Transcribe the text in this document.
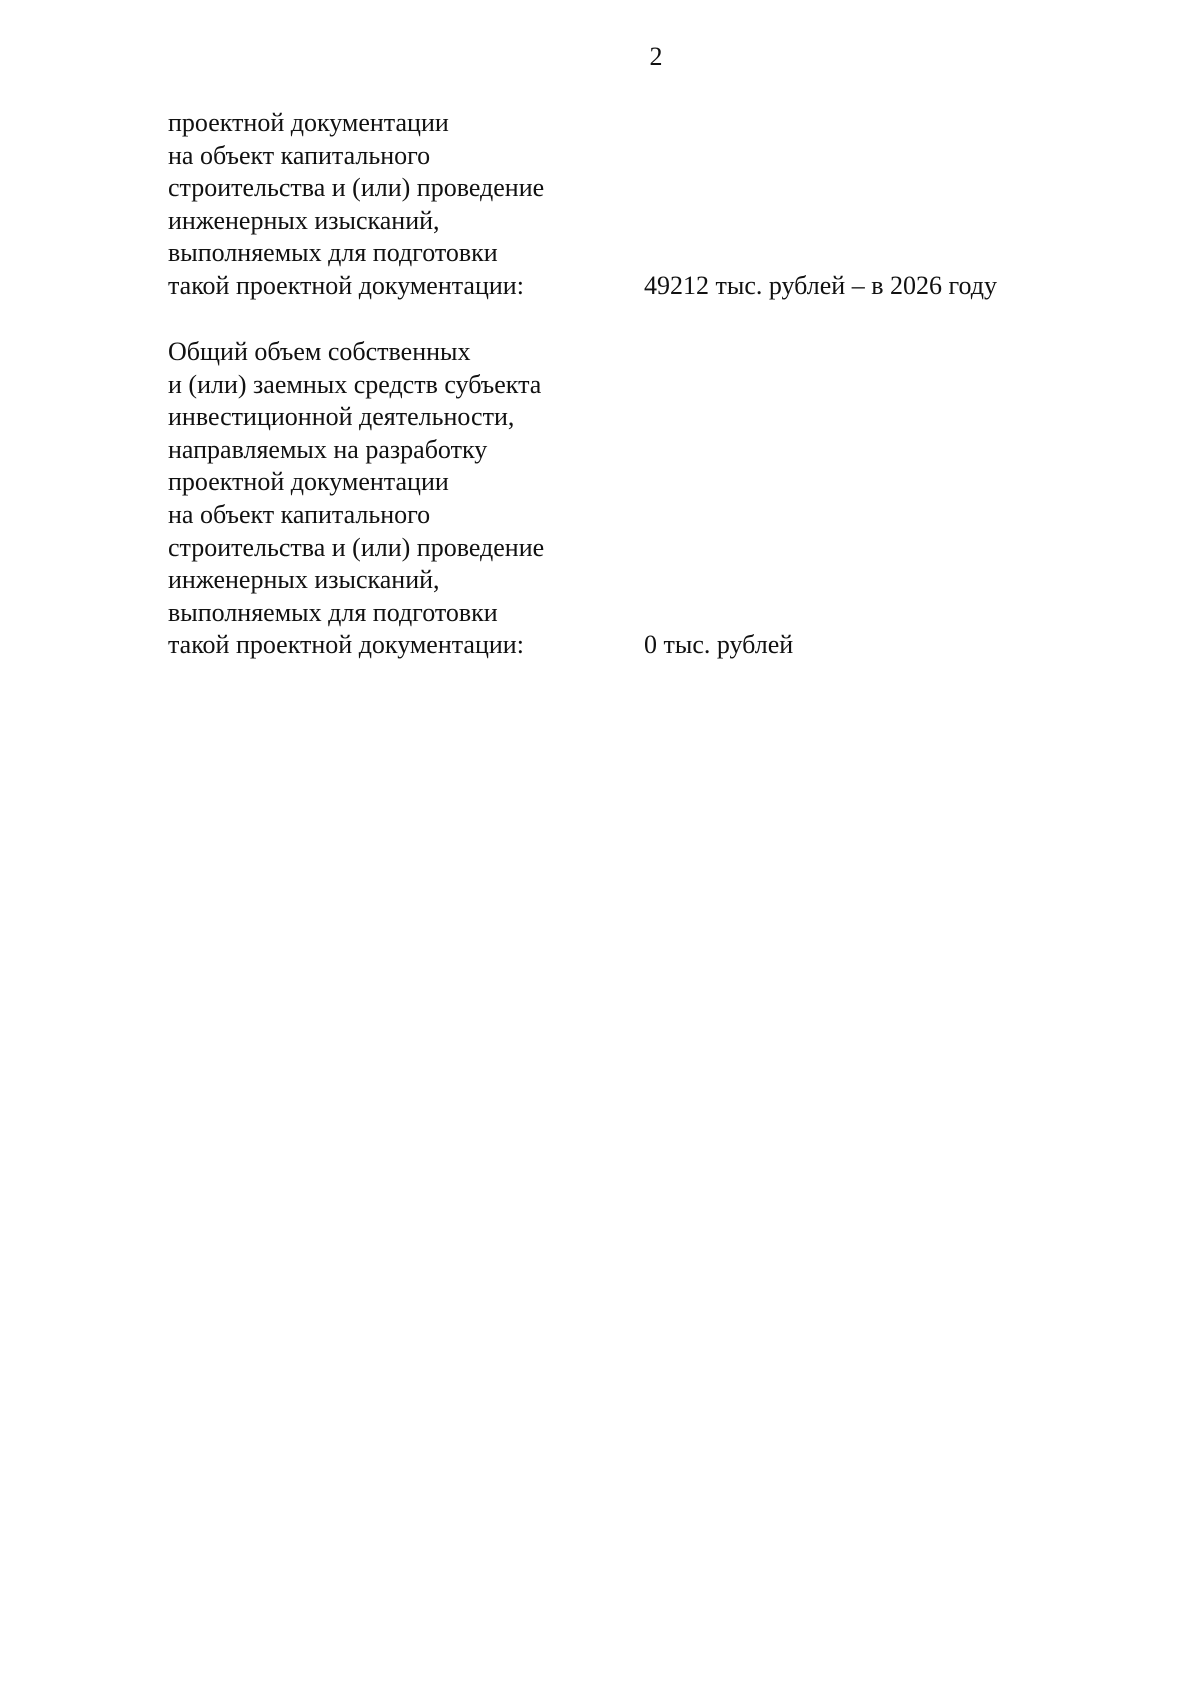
2
проектной документации
на объект капитального
строительства и (или) проведение
инженерных изысканий,
выполняемых для подготовки
такой проектной документации:	49212 тыс. рублей – в 2026 году
Общий объем собственных
и (или) заемных средств субъекта
инвестиционной деятельности,
направляемых на разработку
проектной документации
на объект капитального
строительства и (или) проведение
инженерных изысканий,
выполняемых для подготовки
такой проектной документации:	0 тыс. рублей
